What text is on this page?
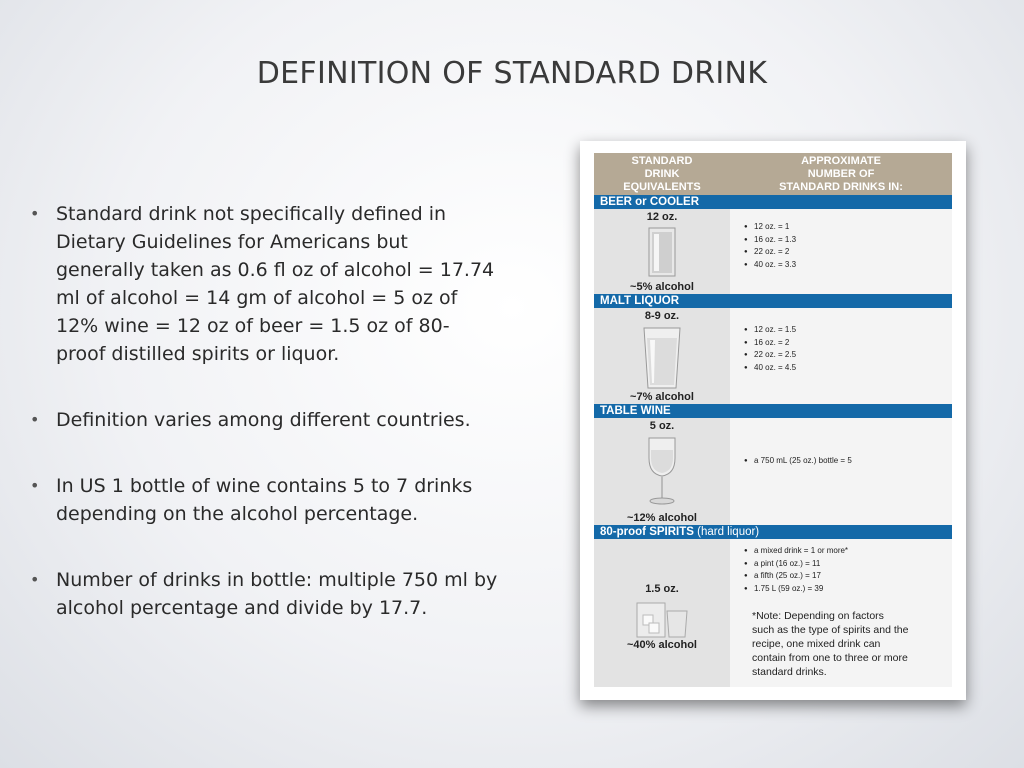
DEFINITION OF STANDARD DRINK
• Standard drink not specifically defined in Dietary Guidelines for Americans but generally taken as 0.6 fl oz of alcohol = 17.74 ml of alcohol = 14 gm of alcohol = 5 oz of 12% wine = 12 oz of beer = 1.5 oz of 80-proof distilled spirits or liquor.
• Definition varies among different countries.
• In US 1 bottle of wine contains 5 to 7 drinks depending on the alcohol percentage.
• Number of drinks in bottle: multiple 750 ml by alcohol percentage and divide by 17.7.
STANDARD
DRINK
EQUIVALENTS
APPROXIMATE
NUMBER OF
STANDARD DRINKS IN:
BEER or COOLER
12 oz.
~5% alcohol
● 12 oz. = 1
● 16 oz. = 1.3
● 22 oz. = 2
● 40 oz. = 3.3
MALT LIQUOR
8-9 oz.
~7% alcohol
● 12 oz. = 1.5
● 16 oz. = 2
● 22 oz. = 2.5
● 40 oz. = 4.5
TABLE WINE
5 oz.
~12% alcohol
● a 750 mL (25 oz.) bottle = 5
80-proof SPIRITS (hard liquor)
1.5 oz.
~40% alcohol
● a mixed drink = 1 or more*
● a pint (16 oz.) = 11
● a fifth (25 oz.) = 17
● 1.75 L (59 oz.) = 39
*Note: Depending on factors
such as the type of spirits and the
recipe, one mixed drink can
contain from one to three or more
standard drinks.
